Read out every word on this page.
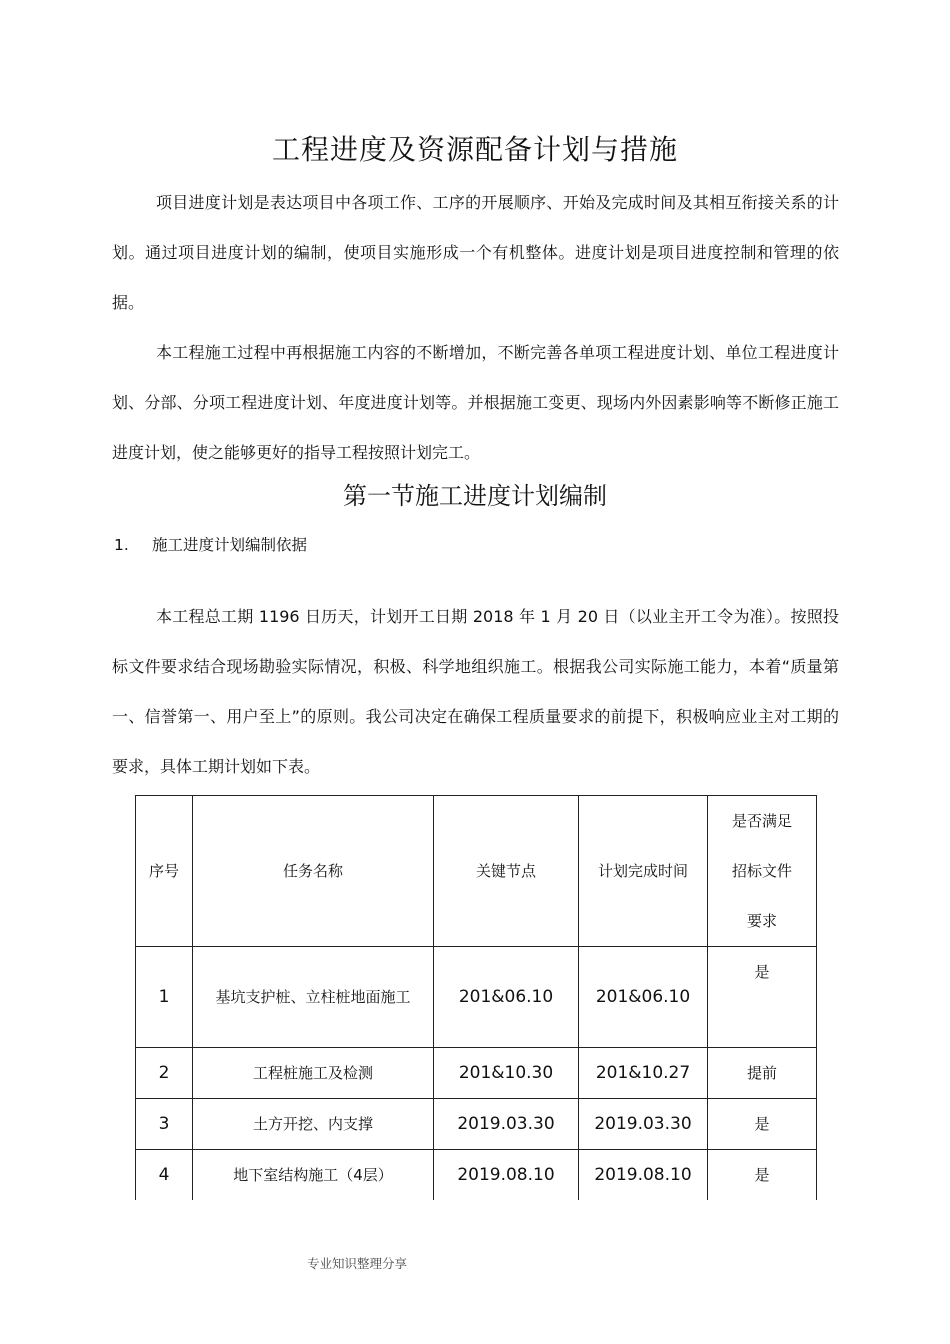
工程进度及资源配备计划与措施

项目进度计划是表达项目中各项工作、工序的开展顺序、开始及完成时间及其相互衔接关系的计划。通过项目进度计划的编制，使项目实施形成一个有机整体。进度计划是项目进度控制和管理的依据。

本工程施工过程中再根据施工内容的不断增加，不断完善各单项工程进度计划、单位工程进度计划、分部、分项工程进度计划、年度进度计划等。并根据施工变更、现场内外因素影响等不断修正施工进度计划，使之能够更好的指导工程按照计划完工。

第一节施工进度计划编制
1. 施工进度计划编制依据

本工程总工期 1196 日历天，计划开工日期 2018 年 1 月 20 日（以业主开工令为准）。按照投标文件要求结合现场勘验实际情况，积极、科学地组织施工。根据我公司实际施工能力，本着“质量第一、信誉第一、用户至上”的原则。我公司决定在确保工程质量要求的前提下，积极响应业主对工期的要求，具体工期计划如下表。

序号	任务名称	关键节点	计划完成时间	是否满足招标文件要求
1	基坑支护桩、立柱桩地面施工	201&06.10	201&06.10	是
2	工程桩施工及检测	201&10.30	201&10.27	提前
3	土方开挖、内支撑	2019.03.30	2019.03.30	是
4	地下室结构施工（4层）	2019.08.10	2019.08.10	是
专业知识整理分享
